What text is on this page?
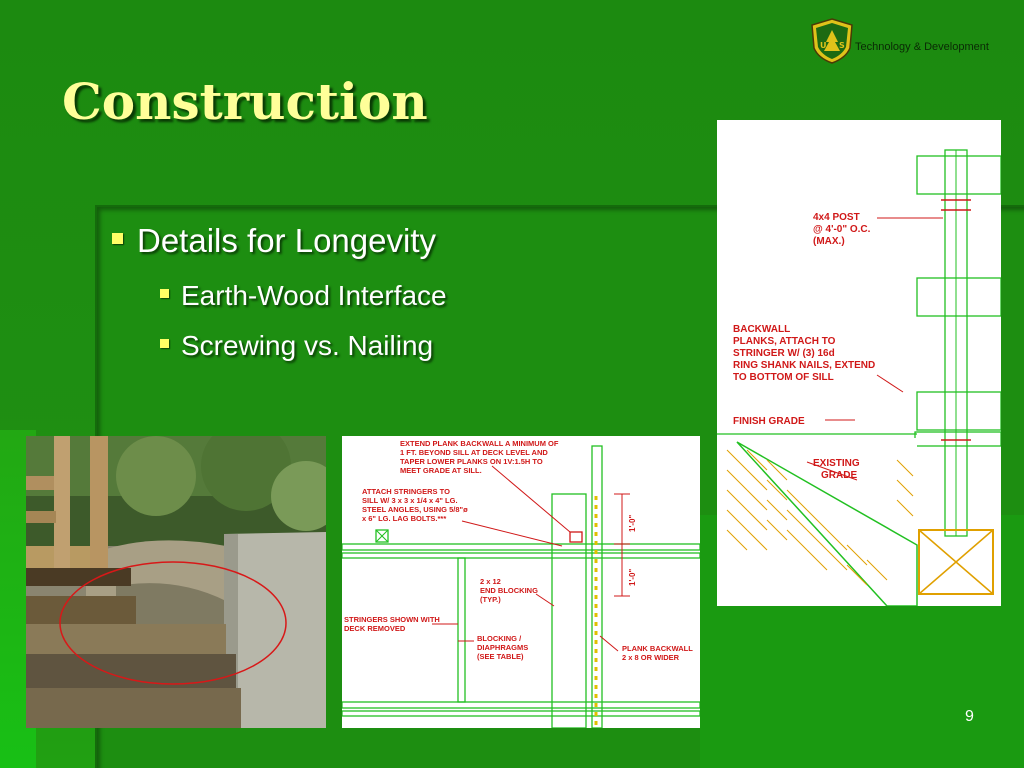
Construction
U S Technology & Development
Details for Longevity
Earth-Wood Interface
Screwing vs. Nailing
EXTEND PLANK BACKWALL A MINIMUM OF 1 FT. BEYOND SILL AT DECK LEVEL AND TAPER LOWER PLANKS ON 1V:1.5H TO MEET GRADE AT SILL.
ATTACH STRINGERS TO SILL W/ 3 x 3 x 1/4 x 4" LG. STEEL ANGLES, USING 5/8"ø x 6" LG. LAG BOLTS.***
2 x 12 END BLOCKING (TYP.)
STRINGERS SHOWN WITH DECK REMOVED
BLOCKING / DIAPHRAGMS (SEE TABLE)
PLANK BACKWALL 2 x 8 OR WIDER
1'-0"
1'-0"
4x4 POST @ 4'-0" O.C. (MAX.)
BACKWALL PLANKS, ATTACH TO STRINGER W/ (3) 16d RING SHANK NAILS, EXTEND TO BOTTOM OF SILL
FINISH GRADE
EXISTING GRADE
9
